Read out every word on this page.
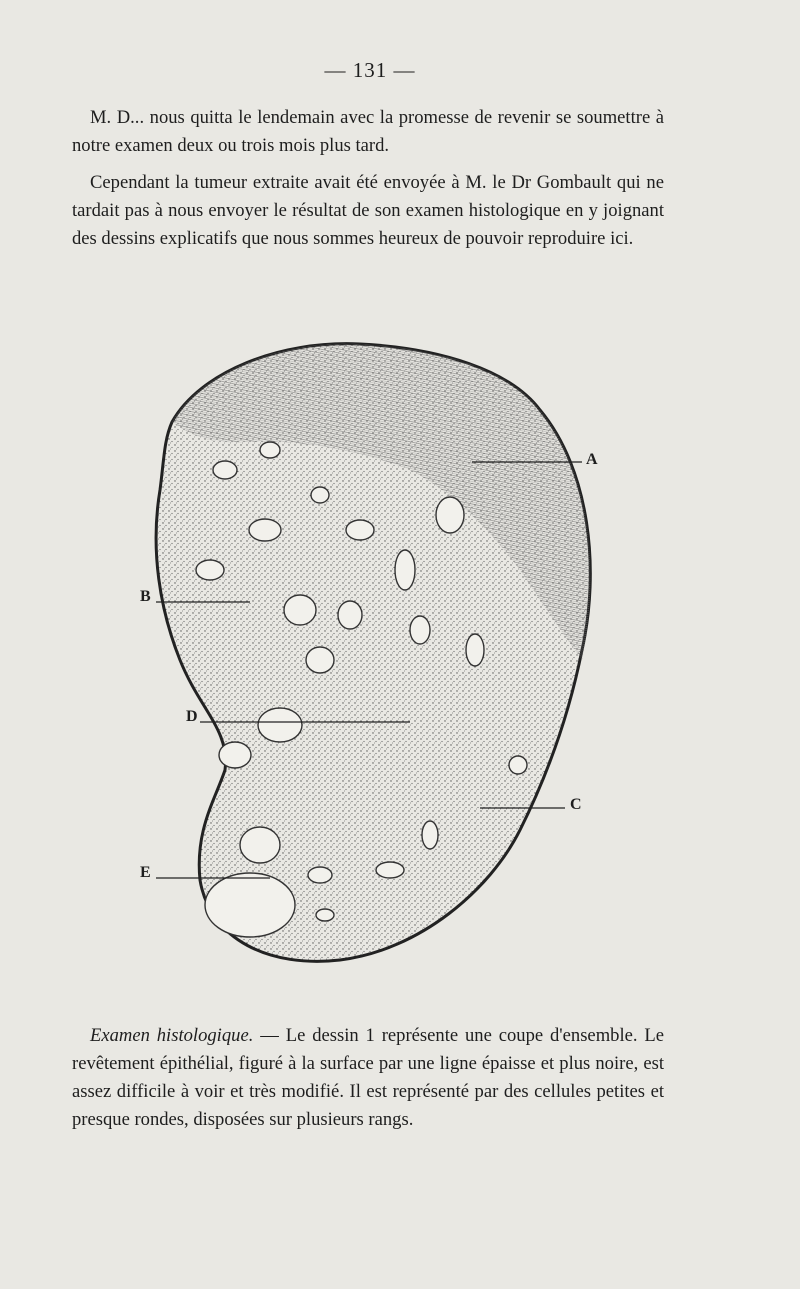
— 131 —

M. D... nous quitta le lendemain avec la promesse de revenir se soumettre à notre examen deux ou trois mois plus tard.

Cependant la tumeur extraite avait été envoyée à M. le Dr Gombault qui ne tardait pas à nous envoyer le résultat de son examen histologique en y joignant des dessins explicatifs que nous sommes heureux de pouvoir reproduire ici.

A
B
D
C
E

Examen histologique. — Le dessin 1 représente une coupe d'ensemble. Le revêtement épithélial, figuré à la surface par une ligne épaisse et plus noire, est assez difficile à voir et très modifié. Il est représenté par des cellules petites et presque rondes, disposées sur plusieurs rangs.
